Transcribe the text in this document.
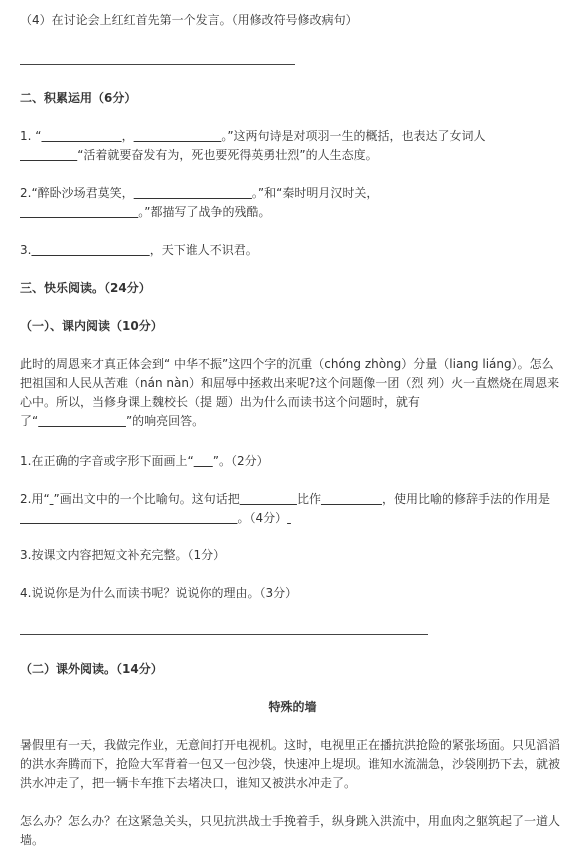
（4）在讨论会上红红首先第一个发言。（用修改符号修改病句）
二、积累运用（6分）
1. “	，	。”这两句诗是对项羽一生的概括，也表达了女词人
“活着就要奋发有为，死也要死得英勇壮烈”的人生态度。
2.“醉卧沙场君莫笑，	。”和“秦时明月汉时关，
。”都描写了战争的残酷。
3.	，天下谁人不识君。
三、快乐阅读。（24分）
（一）、课内阅读（10分）
此时的周恩来才真正体会到“ 中华不振”这四个字的沉重（chóng zhòng）分量（liang liáng）。怎么把祖国和人民从苦难（nán nàn）和屈辱中拯救出来呢?这个问题像一团（烈 列）火一直燃烧在周恩来心中。所以，当修身课上魏校长（提 题）出为什么而读书这个问题时，就有
了“	”的响亮回答。
1.在正确的字音或字形下面画上“ ”。（2分）
2.用“ ”画出文中的一个比喻句。这句话把	比作	，使用比喻的修辞手法的作用是
。（4分）
3.按课文内容把短文补充完整。（1分）
4.说说你是为什么而读书呢？说说你的理由。（3分）
（二）课外阅读。（14分）
特殊的墙
暑假里有一天，我做完作业，无意间打开电视机。这时，电视里正在播抗洪抢险的紧张场面。只见滔滔的洪水奔腾而下，抢险大军背着一包又一包沙袋，快速冲上堤坝。谁知水流湍急，沙袋刚扔下去，就被洪水冲走了，把一辆卡车推下去堵决口，谁知又被洪水冲走了。
怎么办？怎么办？在这紧急关头，只见抗洪战士手挽着手，纵身跳入洪流中，用血肉之躯筑起了一道人墙。
